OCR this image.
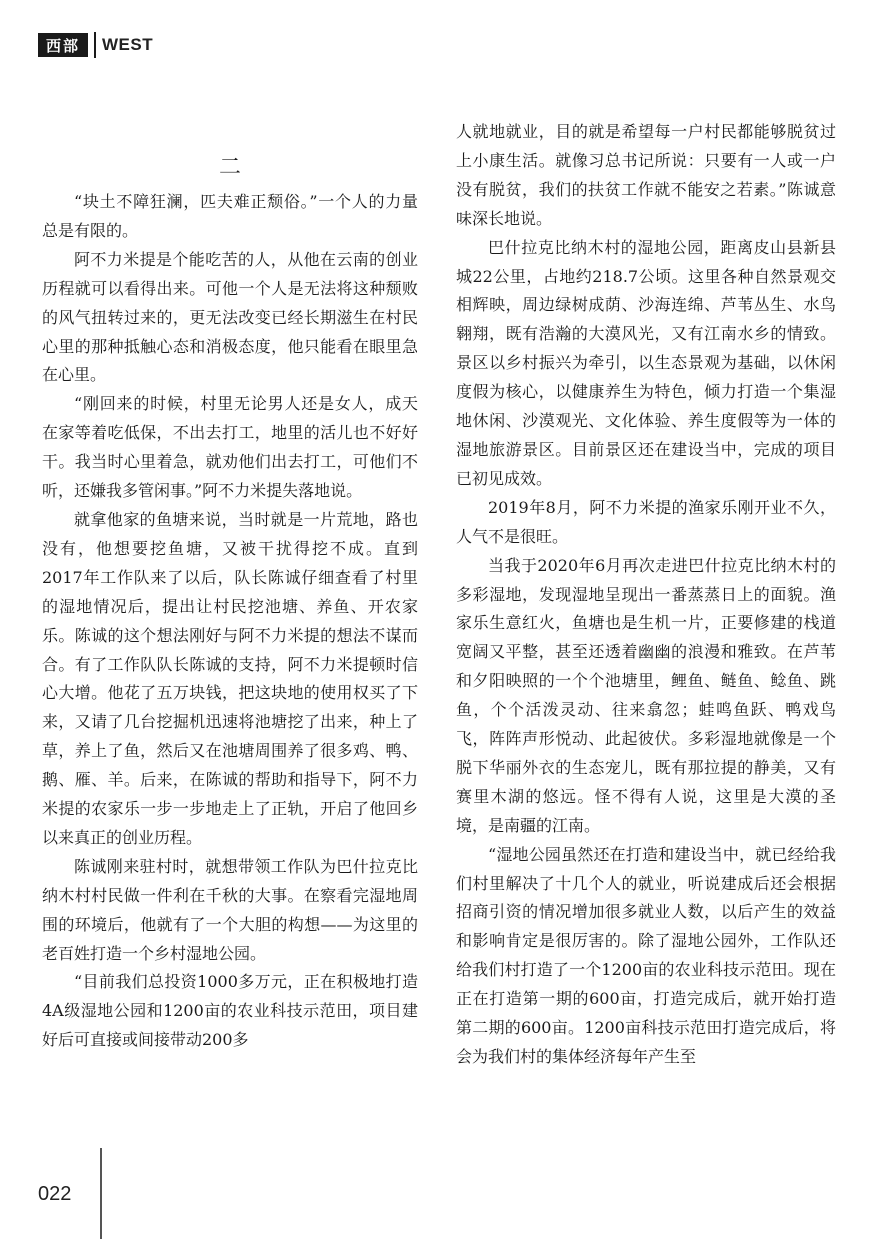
西部	WEST

二

“块土不障狂澜，匹夫难正颓俗。”一个人的力量总是有限的。

阿不力米提是个能吃苦的人，从他在云南的创业历程就可以看得出来。可他一个人是无法将这种颓败的风气扭转过来的，更无法改变已经长期滋生在村民心里的那种抵触心态和消极态度，他只能看在眼里急在心里。

“刚回来的时候，村里无论男人还是女人，成天在家等着吃低保，不出去打工，地里的活儿也不好好干。我当时心里着急，就劝他们出去打工，可他们不听，还嫌我多管闲事。”阿不力米提失落地说。

就拿他家的鱼塘来说，当时就是一片荒地，路也没有，他想要挖鱼塘，又被干扰得挖不成。直到2017年工作队来了以后，队长陈诚仔细查看了村里的湿地情况后，提出让村民挖池塘、养鱼、开农家乐。陈诚的这个想法刚好与阿不力米提的想法不谋而合。有了工作队队长陈诚的支持，阿不力米提顿时信心大增。他花了五万块钱，把这块地的使用权买了下来，又请了几台挖掘机迅速将池塘挖了出来，种上了草，养上了鱼，然后又在池塘周围养了很多鸡、鸭、鹅、雁、羊。后来，在陈诚的帮助和指导下，阿不力米提的农家乐一步一步地走上了正轨，开启了他回乡以来真正的创业历程。

陈诚刚来驻村时，就想带领工作队为巴什拉克比纳木村村民做一件利在千秋的大事。在察看完湿地周围的环境后，他就有了一个大胆的构想——为这里的老百姓打造一个乡村湿地公园。

“目前我们总投资1000多万元，正在积极地打造4A级湿地公园和1200亩的农业科技示范田，项目建好后可直接或间接带动200多

人就地就业，目的就是希望每一户村民都能够脱贫过上小康生活。就像习总书记所说：只要有一人或一户没有脱贫，我们的扶贫工作就不能安之若素。”陈诚意味深长地说。

巴什拉克比纳木村的湿地公园，距离皮山县新县城22公里，占地约218.7公顷。这里各种自然景观交相辉映，周边绿树成荫、沙海连绵、芦苇丛生、水鸟翱翔，既有浩瀚的大漠风光，又有江南水乡的情致。景区以乡村振兴为牵引，以生态景观为基础，以休闲度假为核心，以健康养生为特色，倾力打造一个集湿地休闲、沙漠观光、文化体验、养生度假等为一体的湿地旅游景区。目前景区还在建设当中，完成的项目已初见成效。

2019年8月，阿不力米提的渔家乐刚开业不久，人气不是很旺。

当我于2020年6月再次走进巴什拉克比纳木村的多彩湿地，发现湿地呈现出一番蒸蒸日上的面貌。渔家乐生意红火，鱼塘也是生机一片，正要修建的栈道宽阔又平整，甚至还透着幽幽的浪漫和雅致。在芦苇和夕阳映照的一个个池塘里，鲤鱼、鲢鱼、鲶鱼、跳鱼，个个活泼灵动、往来翕忽；蛙鸣鱼跃、鸭戏鸟飞，阵阵声形悦动、此起彼伏。多彩湿地就像是一个脱下华丽外衣的生态宠儿，既有那拉提的静美，又有赛里木湖的悠远。怪不得有人说，这里是大漠的圣境，是南疆的江南。

“湿地公园虽然还在打造和建设当中，就已经给我们村里解决了十几个人的就业，听说建成后还会根据招商引资的情况增加很多就业人数，以后产生的效益和影响肯定是很厉害的。除了湿地公园外，工作队还给我们村打造了一个1200亩的农业科技示范田。现在正在打造第一期的600亩，打造完成后，就开始打造第二期的600亩。1200亩科技示范田打造完成后，将会为我们村的集体经济每年产生至

022
